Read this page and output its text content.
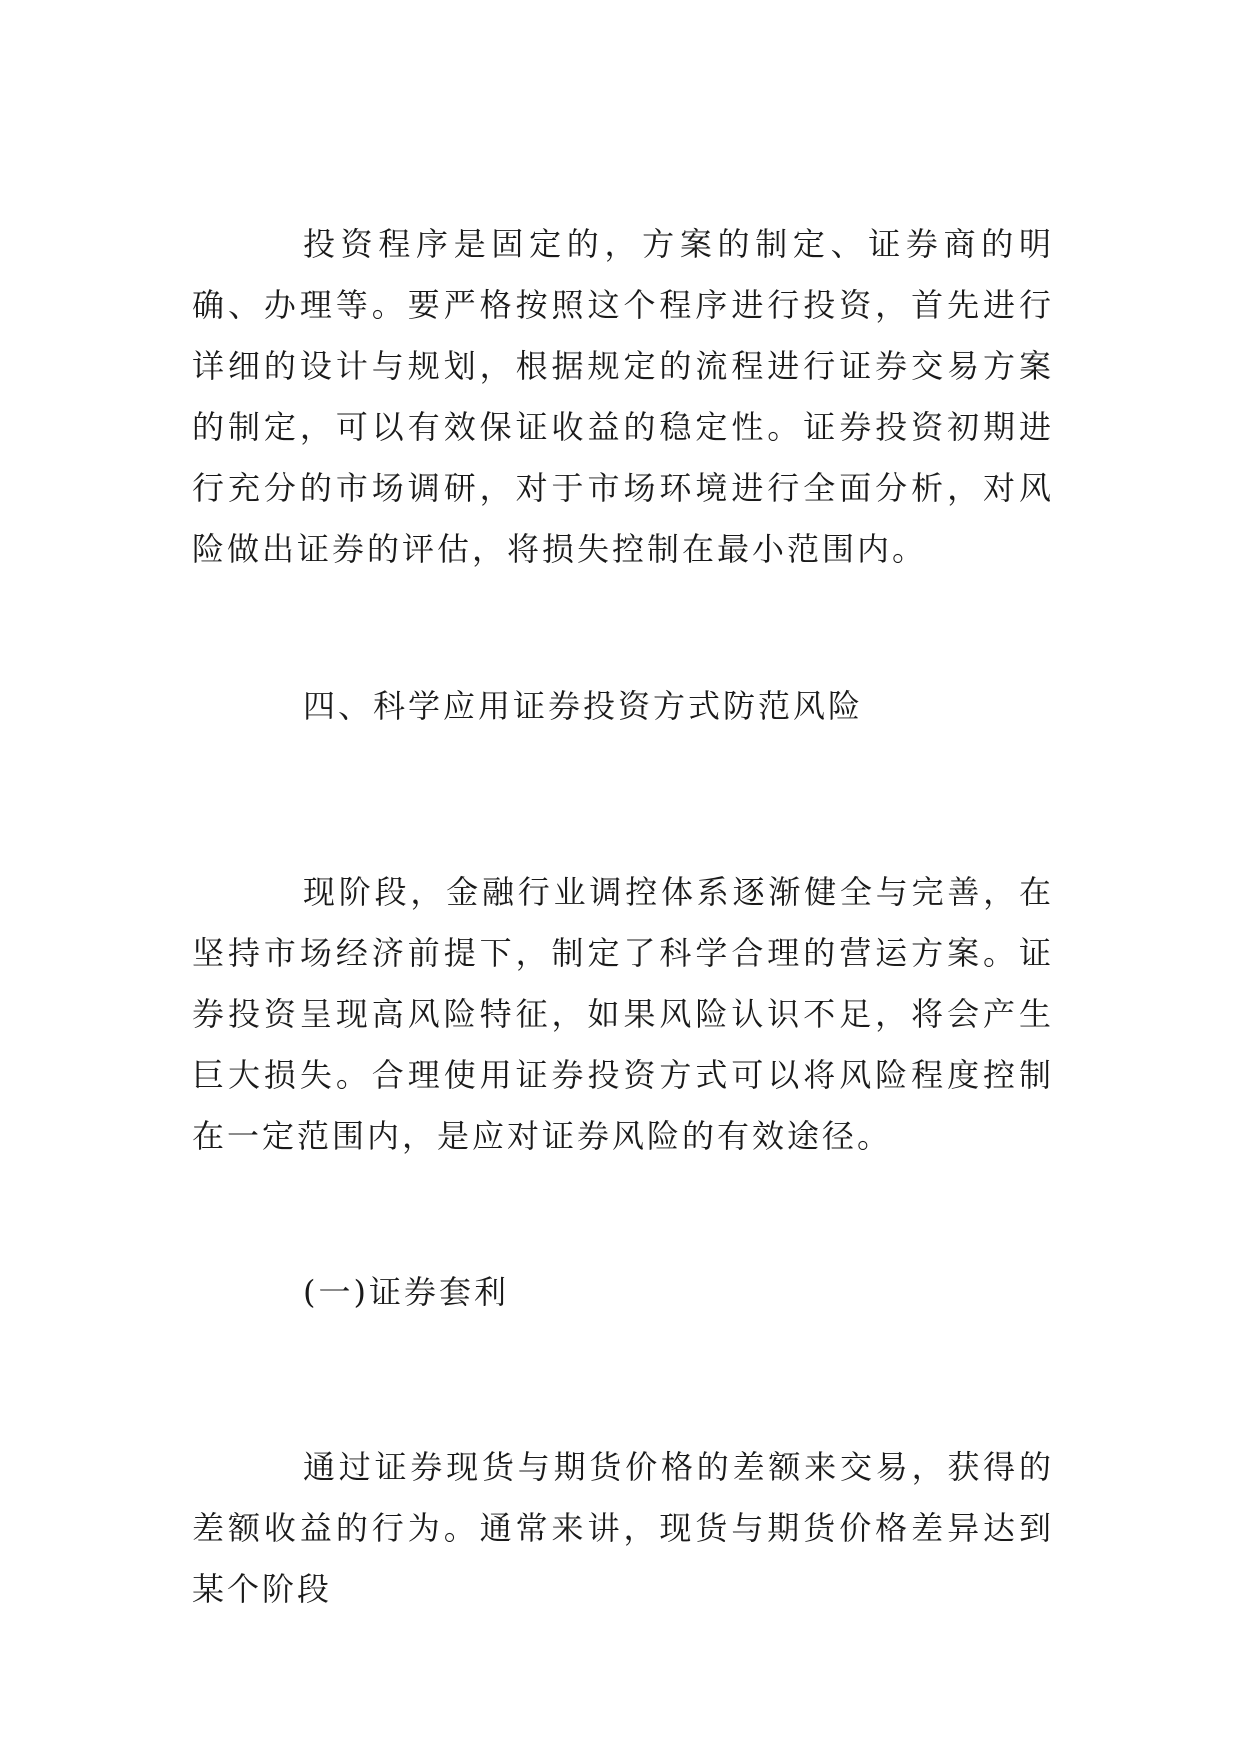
投资程序是固定的，方案的制定、证券商的明确、办理等。要严格按照这个程序进行投资，首先进行详细的设计与规划，根据规定的流程进行证券交易方案的制定，可以有效保证收益的稳定性。证券投资初期进行充分的市场调研，对于市场环境进行全面分析，对风险做出证券的评估，将损失控制在最小范围内。

四、科学应用证券投资方式防范风险

现阶段，金融行业调控体系逐渐健全与完善，在坚持市场经济前提下，制定了科学合理的营运方案。证券投资呈现高风险特征，如果风险认识不足，将会产生巨大损失。合理使用证券投资方式可以将风险程度控制在一定范围内，是应对证券风险的有效途径。

(一)证券套利

通过证券现货与期货价格的差额来交易，获得的差额收益的行为。通常来讲，现货与期货价格差异达到某个阶段
